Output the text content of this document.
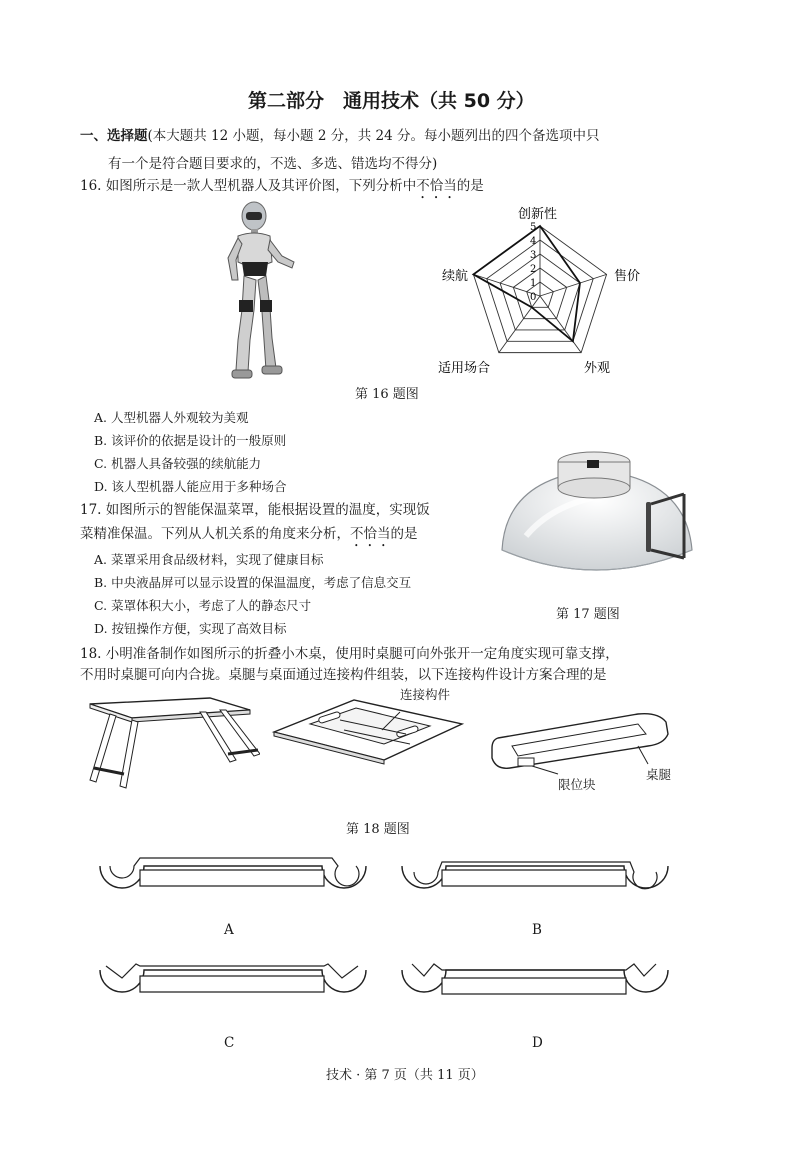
第二部分　通用技术（共 50 分）
一、选择题(本大题共 12 小题，每小题 2 分，共 24 分。每小题列出的四个备选项中只
有一个是符合题目要求的，不选、多选、错选均不得分)
16. 如图所示是一款人型机器人及其评价图，下列分析中不恰当的是
5
4
3
2
1
0
创新性
售价
外观
适用场合
续航
第 16 题图
A. 人型机器人外观较为美观
B. 该评价的依据是设计的一般原则
C. 机器人具备较强的续航能力
D. 该人型机器人能应用于多种场合
17. 如图所示的智能保温菜罩，能根据设置的温度，实现饭
菜精准保温。下列从人机关系的角度来分析，不恰当的是
A. 菜罩采用食品级材料，实现了健康目标
B. 中央液晶屏可以显示设置的保温温度，考虑了信息交互
C. 菜罩体积大小，考虑了人的静态尺寸
D. 按钮操作方便，实现了高效目标
第 17 题图
18. 小明准备制作如图所示的折叠小木桌，使用时桌腿可向外张开一定角度实现可靠支撑，
不用时桌腿可向内合拢。桌腿与桌面通过连接构件组装，以下连接构件设计方案合理的是
连接构件
限位块
桌腿
第 18 题图
A	B
C	D
技术 · 第 7 页（共 11 页）
